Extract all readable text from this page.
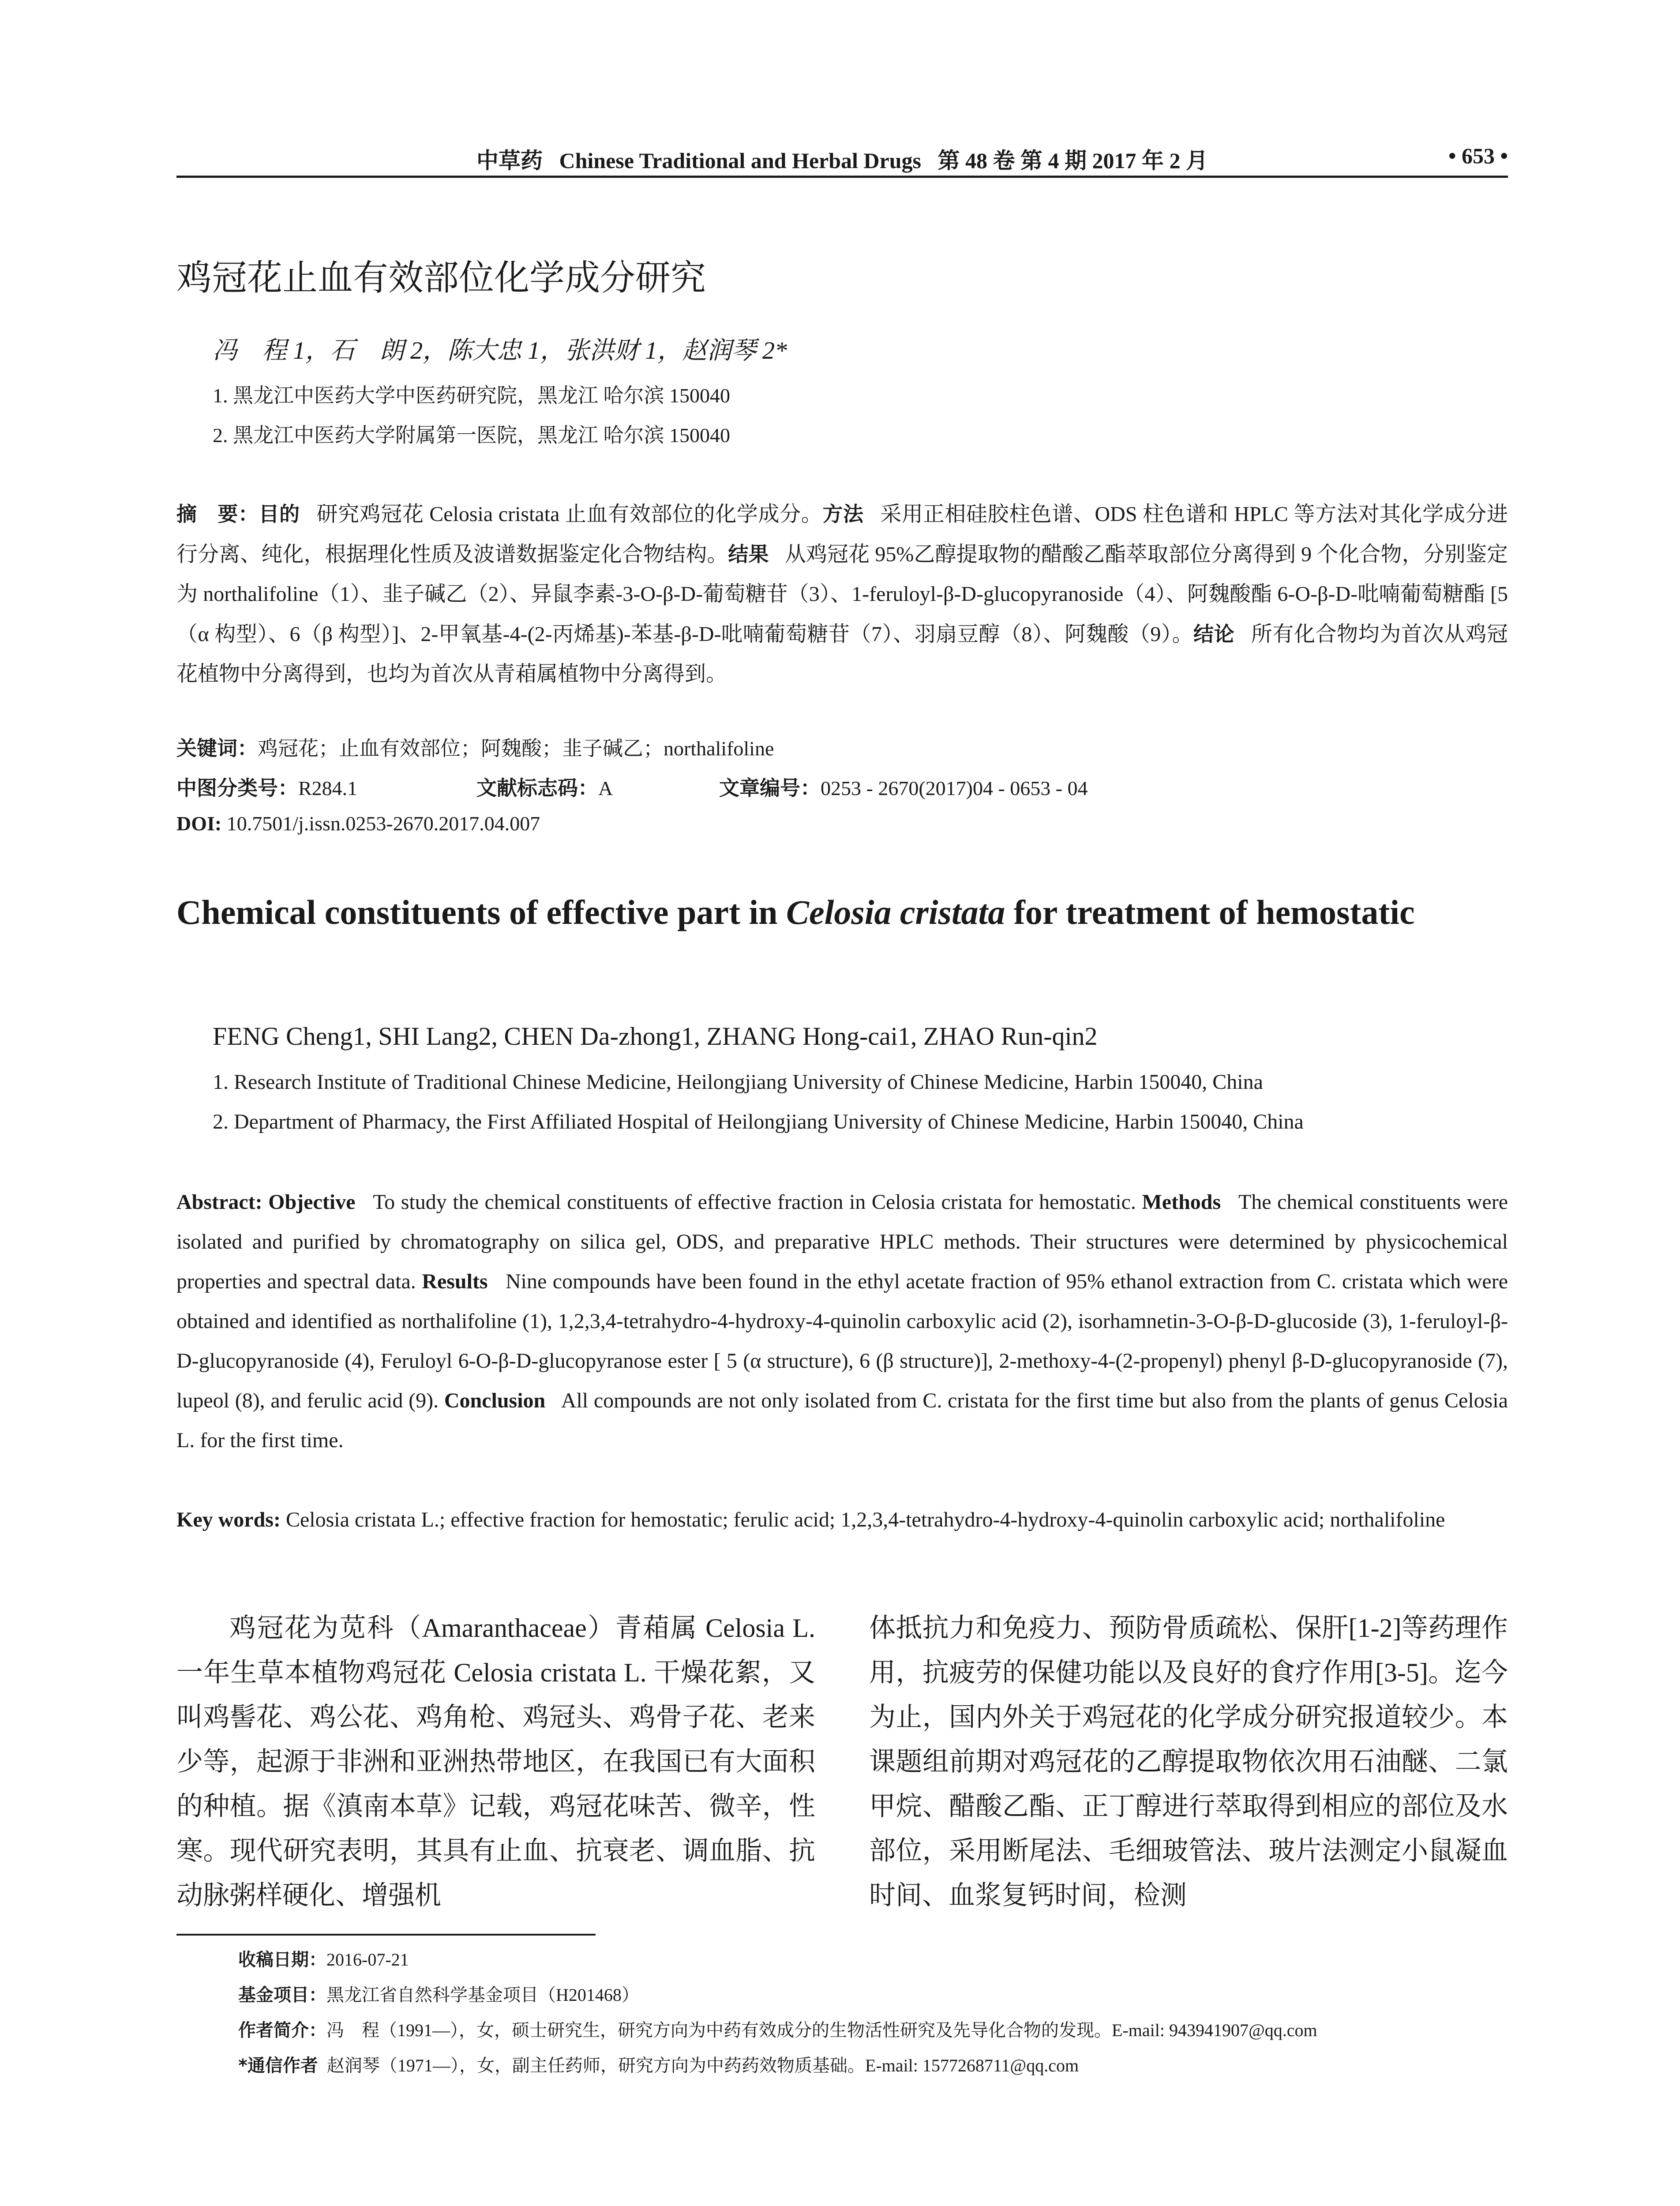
中草药 Chinese Traditional and Herbal Drugs 第 48 卷 第 4 期 2017 年 2 月	• 653 •
鸡冠花止血有效部位化学成分研究
冯　程 1，石　朗 2，陈大忠 1，张洪财 1，赵润琴 2*
1. 黑龙江中医药大学中医药研究院，黑龙江 哈尔滨 150040
2. 黑龙江中医药大学附属第一医院，黑龙江 哈尔滨 150040
摘　要：目的 研究鸡冠花 Celosia cristata 止血有效部位的化学成分。方法 采用正相硅胶柱色谱、ODS 柱色谱和 HPLC 等方法对其化学成分进行分离、纯化，根据理化性质及波谱数据鉴定化合物结构。结果 从鸡冠花 95%乙醇提取物的醋酸乙酯萃取部位分离得到 9 个化合物，分别鉴定为 northalifoline（1）、韭子碱乙（2）、异鼠李素-3-O-β-D-葡萄糖苷（3）、1-feruloyl-β-D-glucopyranoside（4）、阿魏酸酯 6-O-β-D-吡喃葡萄糖酯 [5（α 构型）、6（β 构型）]、2-甲氧基-4-(2-丙烯基)-苯基-β-D-吡喃葡萄糖苷（7）、羽扇豆醇（8）、阿魏酸（9）。结论 所有化合物均为首次从鸡冠花植物中分离得到，也均为首次从青葙属植物中分离得到。
关键词：鸡冠花；止血有效部位；阿魏酸；韭子碱乙；northalifoline
中图分类号：R284.1	文献标志码：A	文章编号：0253 - 2670(2017)04 - 0653 - 04
DOI: 10.7501/j.issn.0253-2670.2017.04.007
Chemical constituents of effective part in Celosia cristata for treatment of hemostatic
FENG Cheng1, SHI Lang2, CHEN Da-zhong1, ZHANG Hong-cai1, ZHAO Run-qin2
1. Research Institute of Traditional Chinese Medicine, Heilongjiang University of Chinese Medicine, Harbin 150040, China
2. Department of Pharmacy, the First Affiliated Hospital of Heilongjiang University of Chinese Medicine, Harbin 150040, China
Abstract: Objective To study the chemical constituents of effective fraction in Celosia cristata for hemostatic. Methods The chemical constituents were isolated and purified by chromatography on silica gel, ODS, and preparative HPLC methods. Their structures were determined by physicochemical properties and spectral data. Results Nine compounds have been found in the ethyl acetate fraction of 95% ethanol extraction from C. cristata which were obtained and identified as northalifoline (1), 1,2,3,4-tetrahydro-4-hydroxy-4-quinolin carboxylic acid (2), isorhamnetin-3-O-β-D-glucoside (3), 1-feruloyl-β-D-glucopyranoside (4), Feruloyl 6-O-β-D-glucopyranose ester [ 5 (α structure), 6 (β structure)], 2-methoxy-4-(2-propenyl) phenyl β-D-glucopyranoside (7), lupeol (8), and ferulic acid (9). Conclusion All compounds are not only isolated from C. cristata for the first time but also from the plants of genus Celosia L. for the first time.
Key words: Celosia cristata L.; effective fraction for hemostatic; ferulic acid; 1,2,3,4-tetrahydro-4-hydroxy-4-quinolin carboxylic acid; northalifoline
鸡冠花为苋科（Amaranthaceae）青葙属 Celosia L. 一年生草本植物鸡冠花 Celosia cristata L. 干燥花絮，又叫鸡髻花、鸡公花、鸡角枪、鸡冠头、鸡骨子花、老来少等，起源于非洲和亚洲热带地区，在我国已有大面积的种植。据《滇南本草》记载，鸡冠花味苦、微辛，性寒。现代研究表明，其具有止血、抗衰老、调血脂、抗动脉粥样硬化、增强机
体抵抗力和免疫力、预防骨质疏松、保肝[1-2]等药理作用，抗疲劳的保健功能以及良好的食疗作用[3-5]。迄今为止，国内外关于鸡冠花的化学成分研究报道较少。本课题组前期对鸡冠花的乙醇提取物依次用石油醚、二氯甲烷、醋酸乙酯、正丁醇进行萃取得到相应的部位及水部位，采用断尾法、毛细玻管法、玻片法测定小鼠凝血时间、血浆复钙时间，检测
收稿日期：2016-07-21
基金项目：黑龙江省自然科学基金项目（H201468）
作者简介：冯　程（1991—），女，硕士研究生，研究方向为中药有效成分的生物活性研究及先导化合物的发现。E-mail: 943941907@qq.com
*通信作者 赵润琴（1971—），女，副主任药师，研究方向为中药药效物质基础。E-mail: 1577268711@qq.com
